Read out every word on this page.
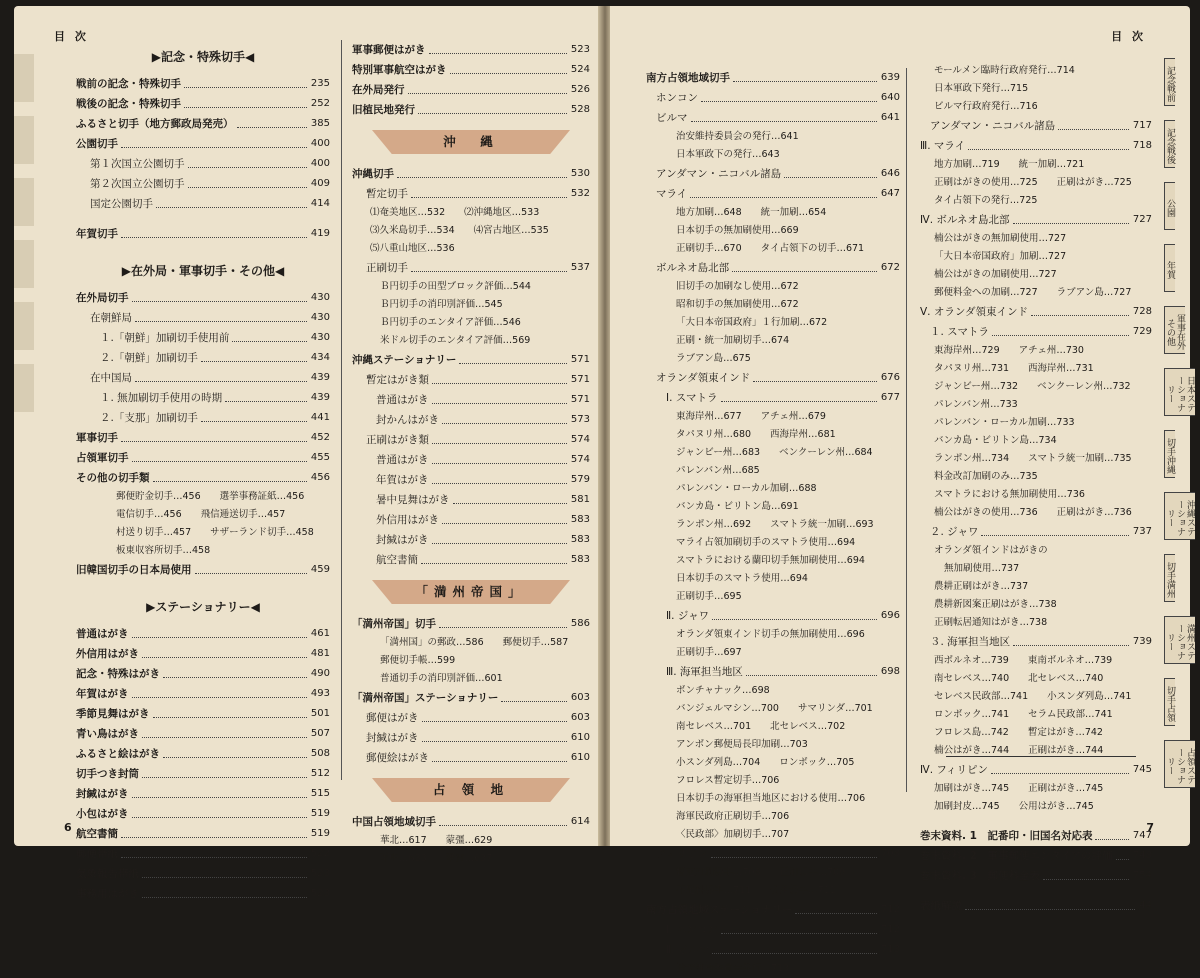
目 次
▶記念・特殊切手◀
戦前の記念・特殊切手	235
戦後の記念・特殊切手	252
ふるさと切手（地方郵政局発売）	385
公園切手	400
第１次国立公園切手	400
第２次国立公園切手	409
国定公園切手	414
年賀切手	419
▶在外局・軍事切手・その他◀
在外局切手	430
在朝鮮局	430
１.「朝鮮」加刷切手使用前	430
２.「朝鮮」加刷切手	434
在中国局	439
１. 無加刷切手使用の時期	439
２.「支那」加刷切手	441
軍事切手	452
占領軍切手	455
その他の切手類	456
郵便貯金切手…456　　選挙事務証紙…456
電信切手…456　　飛信逓送切手…457
村送り切手…457　　サザーランド切手…458
板東収容所切手…458
旧韓国切手の日本局使用	459
▶ステーショナリー◀
普通はがき	461
外信用はがき	481
記念・特殊はがき	490
年賀はがき	493
季節見舞はがき	501
青い鳥はがき	507
ふるさと絵はがき	508
切手つき封筒	512
封緘はがき	515
小包はがき	519
航空書簡	519
郵便帯紙	522
気象報告帯紙	523
事務用はがき	523
軍事郵便はがき	523
特別軍事航空はがき	524
在外局発行	526
旧植民地発行	528
沖　縄
沖縄切手	530
暫定切手	532
⑴奄美地区…532　　⑵沖縄地区…533
⑶久米島切手…534　　⑷宮古地区…535
⑸八重山地区…536
正刷切手	537
Ｂ円切手の田型ブロック評価…544
Ｂ円切手の消印別評価…545
Ｂ円切手のエンタイア評価…546
米ドル切手のエンタイア評価…569
沖縄ステーショナリー	571
暫定はがき類	571
普通はがき	571
封かんはがき	573
正刷はがき類	574
普通はがき	574
年賀はがき	579
暑中見舞はがき	581
外信用はがき	583
封緘はがき	583
航空書簡	583
「満州帝国」
「満州帝国」切手	586
「満州国」の郵政…586　　郵便切手…587
郵便切手帳…599
普通切手の消印別評価…601
「満州帝国」ステーショナリー	603
郵便はがき	603
封緘はがき	610
郵便絵はがき	610
占 領 地
中国占領地域切手	614
華北…617　　蒙彊…629
華中…633　　華南…637
6
目 次
南方占領地域切手	639
ホンコン	640
ビルマ	641
治安維持委員会の発行…641
日本軍政下の発行…643
アンダマン・ニコバル諸島	646
マライ	647
地方加刷…648　　統一加刷…654
日本切手の無加刷使用…669
正刷切手…670　　タイ占領下の切手…671
ボルネオ島北部	672
旧切手の加刷なし使用…672
昭和切手の無加刷使用…672
「大日本帝国政府」１行加刷…672
正刷・統一加刷切手…674
ラブアン島…675
オランダ領東インド	676
Ⅰ. スマトラ	677
東海岸州…677　　アチェ州…679
タパヌリ州…680　　西海岸州…681
ジャンビー州…683　　ベンクーレン州…684
パレンバン州…685
パレンバン・ローカル加刷…688
バンカ島・ビリトン島…691
ランポン州…692　　スマトラ統一加刷…693
マライ占領加刷切手のスマトラ使用…694
スマトラにおける蘭印切手無加刷使用…694
日本切手のスマトラ使用…694
正刷切手…695
Ⅱ. ジャワ	696
オランダ領東インド切手の無加刷使用…696
正刷切手…697
Ⅲ. 海軍担当地区	698
ボンチャナック…698
バンジェルマシン…700　　サマリンダ…701
南セレベス…701　　北セレベス…702
アンボン郵便局長印加刷…703
小スンダ列島…704　　ロンボック…705
フロレス暫定切手…706
日本切手の海軍担当地区における使用…706
海軍民政府正刷切手…706
〈民政部〉加刷切手…707
フィリピン	708
暫定加刷切手…708　　正刷切手…709
不足料切手…711　　公用切手…711
南方占領地域ステーショナリー	712
Ⅰ. ホンコン	712
Ⅱ. ビルマ	713
治安維持委員会発行…713
モールメン臨時行政府発行…714
日本軍政下発行…715
ビルマ行政府発行…716
アンダマン・ニコバル諸島	717
Ⅲ. マライ	718
地方加刷…719　　統一加刷…721
正刷はがきの使用…725　　正刷はがき…725
タイ占領下の発行…725
Ⅳ. ボルネオ島北部	727
楠公はがきの無加刷使用…727
「大日本帝国政府」加刷…727
楠公はがきの加刷使用…727
郵便料金への加刷…727　　ラブアン島…727
Ⅴ. オランダ領東インド	728
１. スマトラ	729
東海岸州…729　　アチェ州…730
タパヌリ州…731　　西海岸州…731
ジャンビー州…732　　ベンクーレン州…732
パレンバン州…733
パレンバン・ローカル加刷…733
バンカ島・ビリトン島…734
ランポン州…734　　スマトラ統一加刷…735
料金改訂加刷のみ…735
スマトラにおける無加刷使用…736
楠公はがきの使用…736　　正刷はがき…736
２. ジャワ	737
オランダ領インドはがきの
無加刷使用…737
農耕正刷はがき…737
農耕新図案正刷はがき…738
正刷転居通知はがき…738
３. 海軍担当地区	739
西ボルネオ…739　　東南ボルネオ…739
南セレベス…740　　北セレベス…740
セレベス民政部…741　　小スンダ列島…741
ロンボック…741　　セラム民政部…741
フロレス島…742　　暫定はがき…742
楠公はがき…744　　正刷はがき…744
Ⅳ. フィリピン	745
加刷はがき…745　　正刷はがき…745
加刷封皮…745　　公用はがき…745
巻末資料. 1　記番印・旧国名対応表	747
巻末資料. 2　軍事郵便エンタイアの評価 748
巻末資料. 3　郵便料金表	754
表紙解説	44
記念戦前
記念戦後
公園
年賀
軍事在外その他
日本ステーショナリー
切手沖縄
沖縄ステーショナリー
切手満州
満州ステーショナリー
切手占領
占領ステーショナリー
7
